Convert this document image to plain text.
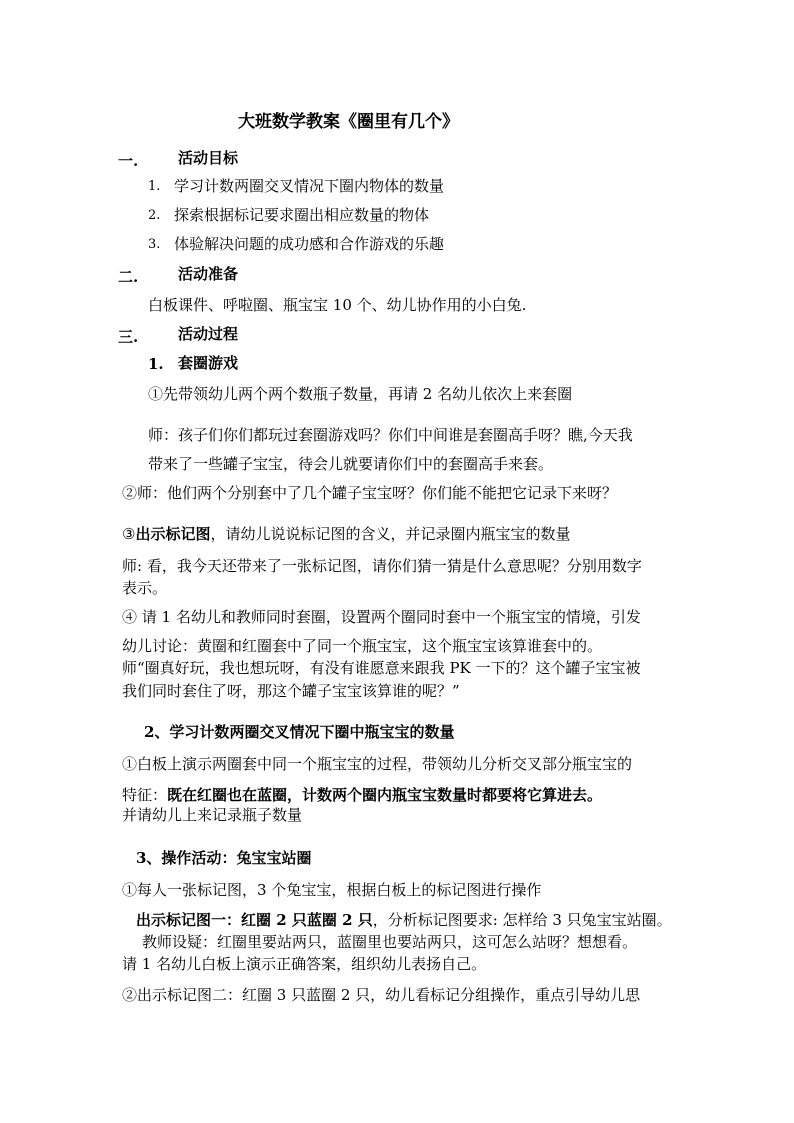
大班数学教案《圈里有几个》
一.	活动目标
1. 学习计数两圈交叉情况下圈内物体的数量
2. 探索根据标记要求圈出相应数量的物体
3. 体验解决问题的成功感和合作游戏的乐趣
二.	活动准备
白板课件、呼啦圈、瓶宝宝 10 个、幼儿协作用的小白兔.
三.	活动过程
1. 套圈游戏
①先带领幼儿两个两个数瓶子数量，再请 2 名幼儿依次上来套圈
师：孩子们你们都玩过套圈游戏吗？你们中间谁是套圈高手呀？瞧,今天我
带来了一些罐子宝宝，待会儿就要请你们中的套圈高手来套。
②师：他们两个分别套中了几个罐子宝宝呀？你们能不能把它记录下来呀？
③出示标记图，请幼儿说说标记图的含义，并记录圈内瓶宝宝的数量
师: 看，我今天还带来了一张标记图，请你们猜一猜是什么意思呢？分别用数字
表示。
④ 请 1 名幼儿和教师同时套圈，设置两个圈同时套中一个瓶宝宝的情境，引发
幼儿讨论：黄圈和红圈套中了同一个瓶宝宝，这个瓶宝宝该算谁套中的。
师“圈真好玩，我也想玩呀，有没有谁愿意来跟我 PK 一下的？这个罐子宝宝被
我们同时套住了呀，那这个罐子宝宝该算谁的呢？”
2、学习计数两圈交叉情况下圈中瓶宝宝的数量
①白板上演示两圈套中同一个瓶宝宝的过程，带领幼儿分析交叉部分瓶宝宝的
特征：既在红圈也在蓝圈，计数两个圈内瓶宝宝数量时都要将它算进去。
并请幼儿上来记录瓶子数量
3、操作活动：兔宝宝站圈
①每人一张标记图，3 个兔宝宝，根据白板上的标记图进行操作
出示标记图一：红圈 2 只蓝圈 2 只，分析标记图要求: 怎样给 3 只兔宝宝站圈。
教师设疑：红圈里要站两只，蓝圈里也要站两只，这可怎么站呀？想想看。
请 1 名幼儿白板上演示正确答案，组织幼儿表扬自己。
②出示标记图二：红圈 3 只蓝圈 2 只，幼儿看标记分组操作，重点引导幼儿思
